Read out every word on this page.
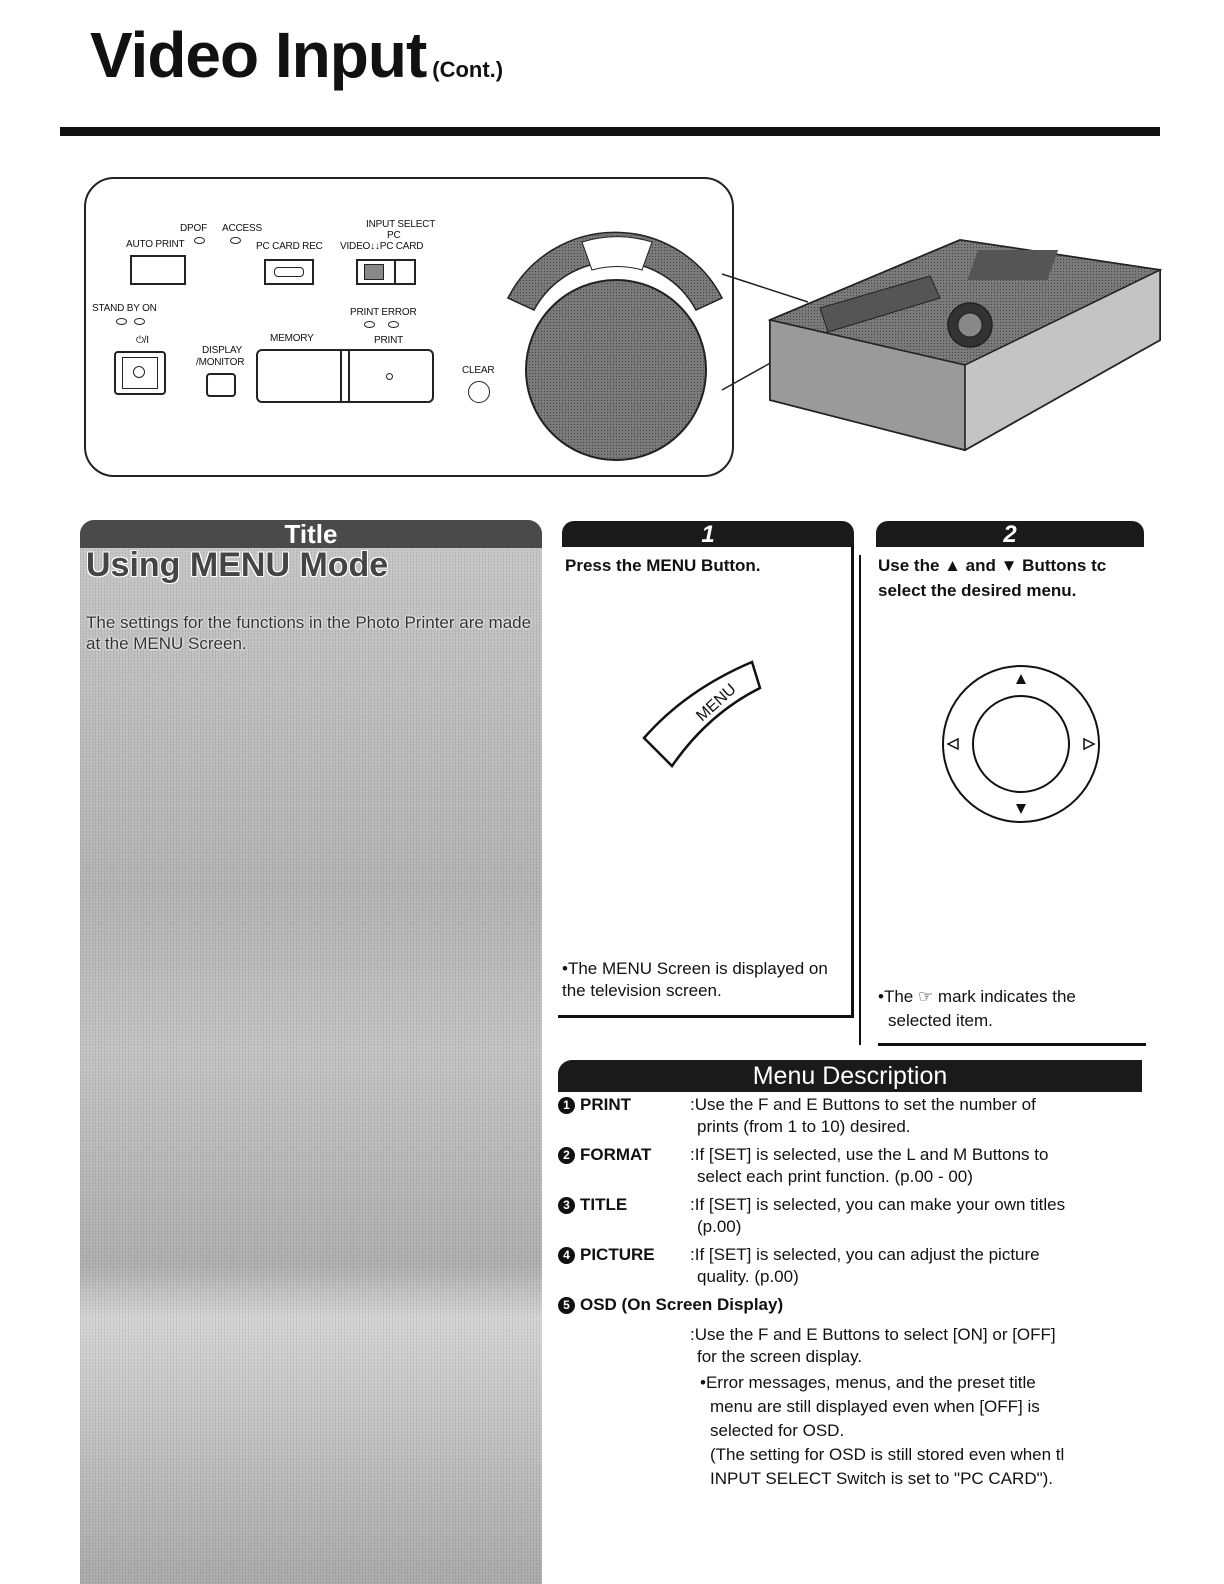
Video Input (Cont.)
DPOF ACCESS
AUTO PRINT
INPUT SELECT
PC
PC CARD REC VIDEO↓↓PC CARD
STAND BY ON	PRINT ERROR
⏻/I
DISPLAY
/MONITOR
MEMORY	PRINT
CLEAR
Title
Using MENU Mode
The settings for the functions in the Photo Printer are made at the MENU Screen.
1
Press the MENU Button.
MENU
•The MENU Screen is displayed on the television screen.
2
Use the ▲ and ▼ Buttons tc
select the desired menu.
•The ☞ mark indicates the
selected item.
Menu Description
1 PRINT	:Use the F and E Buttons to set the number of
prints (from 1 to 10) desired.
2 FORMAT :If [SET] is selected, use the L and M Buttons to
select each print function. (p.00 - 00)
3 TITLE	:If [SET] is selected, you can make your own titles
(p.00)
4 PICTURE :If [SET] is selected, you can adjust the picture
quality. (p.00)
5 OSD (On Screen Display)
:Use the F and E Buttons to select [ON] or [OFF]
for the screen display.
•Error messages, menus, and the preset title
menu are still displayed even when [OFF] is
selected for OSD.
(The setting for OSD is still stored even when tl
INPUT SELECT Switch is set to "PC CARD").
